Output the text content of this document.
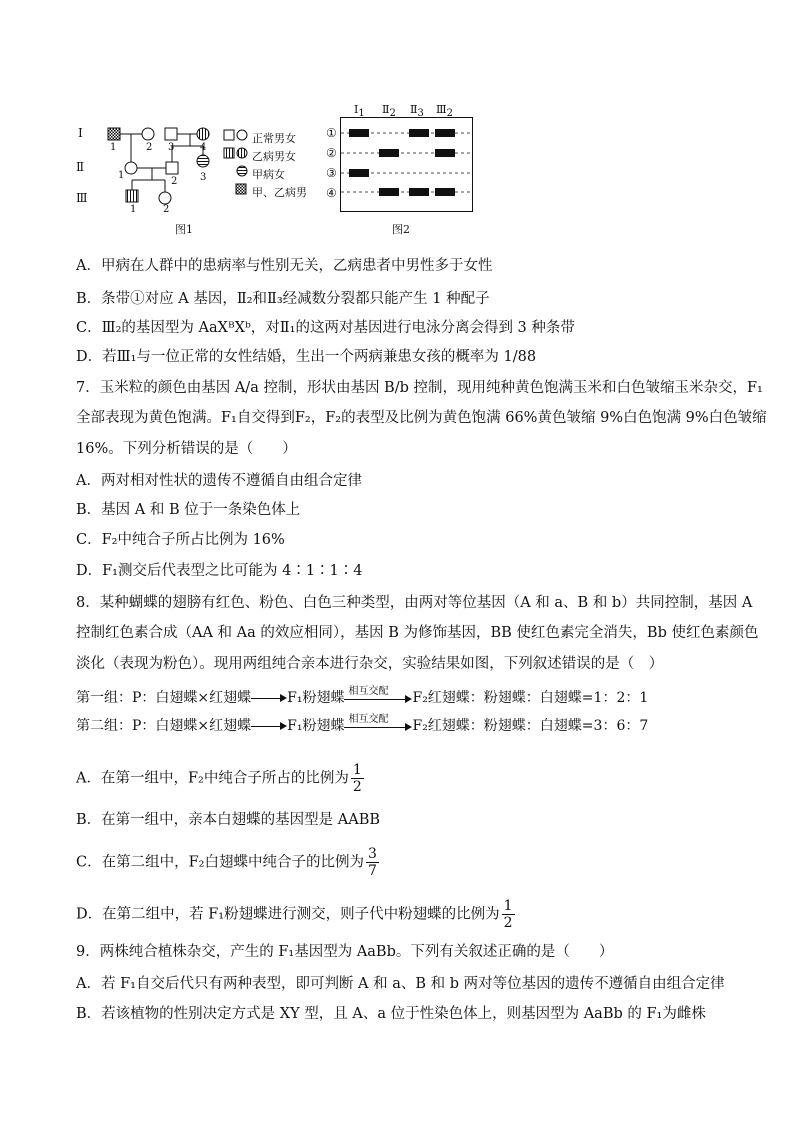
Ⅰ
Ⅱ
Ⅲ
1	2 3	4
1
2 3
1	2
正常男女
乙病男女
甲病女
甲、乙病男
图1
$Ⅰ_1$ $Ⅱ_2$ $Ⅱ_3$ $Ⅲ_2$
①
②
③
④
图2
A．甲病在人群中的患病率与性别无关，乙病患者中男性多于女性
B．条带①对应 A 基因，Ⅱ₂和Ⅱ₃经减数分裂都只能产生 1 种配子
C．Ⅲ₂的基因型为 AaXᴮXᵇ，对Ⅱ₁的这两对基因进行电泳分离会得到 3 种条带
D．若Ⅲ₁与一位正常的女性结婚，生出一个两病兼患女孩的概率为 1/88
7．玉米粒的颜色由基因 A/a 控制，形状由基因 B/b 控制，现用纯种黄色饱满玉米和白色皱缩玉米杂交，F₁
全部表现为黄色饱满。F₁自交得到F₂，F₂的表型及比例为黄色饱满 66%黄色皱缩 9%白色饱满 9%白色皱缩
16%。下列分析错误的是（　　）
A．两对相对性状的遗传不遵循自由组合定律
B．基因 A 和 B 位于一条染色体上
C．F₂中纯合子所占比例为 16%
D．F₁测交后代表型之比可能为 4∶1∶1∶4
8．某种蝴蝶的翅膀有红色、粉色、白色三种类型，由两对等位基因（A 和 a、B 和 b）共同控制，基因 A
控制红色素合成（AA 和 Aa 的效应相同），基因 B 为修饰基因，BB 使红色素完全消失，Bb 使红色素颜色
淡化（表现为粉色）。现用两组纯合亲本进行杂交，实验结果如图，下列叙述错误的是（　）
第一组：P：白翅蝶×红翅蝶	F₁粉翅蝶 相互交配 F₂红翅蝶：粉翅蝶：白翅蝶=1：2：1
第二组：P：白翅蝶×红翅蝶	F₁粉翅蝶 相互交配 F₂红翅蝶：粉翅蝶：白翅蝶=3：6：7
A．在第一组中，F₂中纯合子所占的比例为 $\frac{1}{2}$
B．在第一组中，亲本白翅蝶的基因型是 AABB
C．在第二组中，F₂白翅蝶中纯合子的比例为 $\frac{3}{7}$
D．在第二组中，若 F₁粉翅蝶进行测交，则子代中粉翅蝶的比例为 $\frac{1}{2}$
9．两株纯合植株杂交，产生的 F₁基因型为 AaBb。下列有关叙述正确的是（　　）
A．若 F₁自交后代只有两种表型，即可判断 A 和 a、B 和 b 两对等位基因的遗传不遵循自由组合定律
B．若该植物的性别决定方式是 XY 型，且 A、a 位于性染色体上，则基因型为 AaBb 的 F₁为雌株
